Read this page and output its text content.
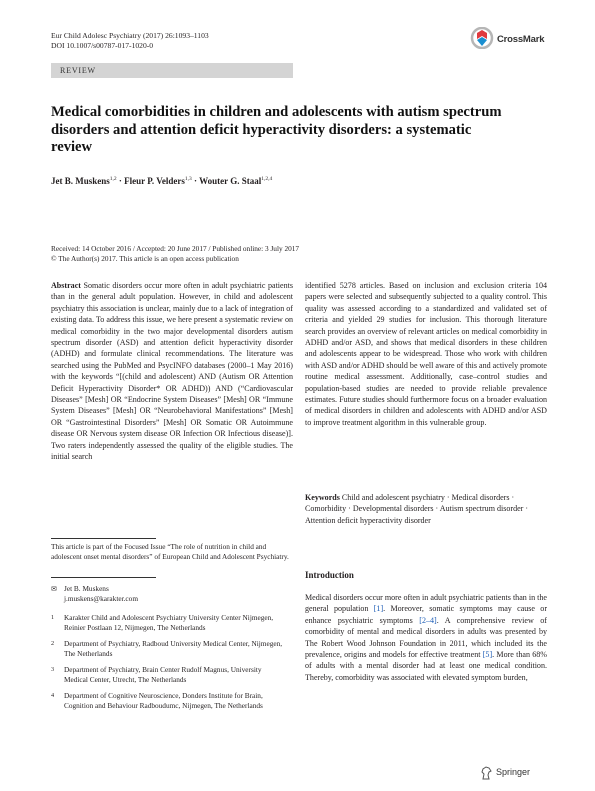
Eur Child Adolesc Psychiatry (2017) 26:1093–1103
DOI 10.1007/s00787-017-1020-0
CrossMark
REVIEW
Medical comorbidities in children and adolescents with autism spectrum disorders and attention deficit hyperactivity disorders: a systematic review
Jet B. Muskens$^{1,2}$ · Fleur P. Velders$^{1,3}$ · Wouter G. Staal$^{1,2,4}$
Received: 14 October 2016 / Accepted: 20 June 2017 / Published online: 3 July 2017
© The Author(s) 2017. This article is an open access publication
Abstract Somatic disorders occur more often in adult psychiatric patients than in the general adult population. However, in child and adolescent psychiatry this association is unclear, mainly due to a lack of integration of existing data. To address this issue, we here present a systematic review on medical comorbidity in the two major developmental disorders autism spectrum disorder (ASD) and attention deficit hyperactivity disorder (ADHD) and formulate clinical recommendations. The literature was searched using the PubMed and PsycINFO databases (2000–1 May 2016) with the keywords “[(child and adolescent) AND (Autism OR Attention Deficit Hyperactivity Disorder* OR ADHD)) AND (“Cardiovascular Diseases” [Mesh] OR “Endocrine System Diseases” [Mesh] OR “Immune System Diseases” [Mesh] OR “Neurobehavioral Manifestations” [Mesh] OR “Gastrointestinal Disorders” [Mesh] OR Somatic OR Autoimmune disease OR Nervous system disease OR Infection OR Infectious disease)]. Two raters independently assessed the quality of the eligible studies. The initial search
identified 5278 articles. Based on inclusion and exclusion criteria 104 papers were selected and subsequently subjected to a quality control. This quality was assessed according to a standardized and validated set of criteria and yielded 29 studies for inclusion. This thorough literature search provides an overview of relevant articles on medical comorbidity in ADHD and/or ASD, and shows that medical disorders in these children and adolescents appear to be widespread. Those who work with children with ASD and/or ADHD should be well aware of this and actively promote routine medical assessment. Additionally, case–control studies and population-based studies are needed to provide reliable prevalence estimates. Future studies should furthermore focus on a broader evaluation of medical disorders in children and adolescents with ADHD and/or ASD to improve treatment algorithm in this vulnerable group.
Keywords Child and adolescent psychiatry · Medical disorders · Comorbidity · Developmental disorders · Autism spectrum disorder · Attention deficit hyperactivity disorder
This article is part of the Focused Issue “The role of nutrition in child and adolescent onset mental disorders” of European Child and Adolescent Psychiatry.
✉ Jet B. Muskens
j.muskens@karakter.com
1 Karakter Child and Adolescent Psychiatry University Center Nijmegen, Reinier Postlaan 12, Nijmegen, The Netherlands
2 Department of Psychiatry, Radboud University Medical Center, Nijmegen, The Netherlands
3 Department of Psychiatry, Brain Center Rudolf Magnus, University Medical Center, Utrecht, The Netherlands
4 Department of Cognitive Neuroscience, Donders Institute for Brain, Cognition and Behaviour Radboudumc, Nijmegen, The Netherlands
Introduction
Medical disorders occur more often in adult psychiatric patients than in the general population [1]. Moreover, somatic symptoms may cause or enhance psychiatric symptoms [2–4]. A comprehensive review of comorbidity of mental and medical disorders in adults was presented by The Robert Wood Johnson Foundation in 2011, which included its the prevalence, origins and models for effective treatment [5]. More than 68% of adults with a mental disorder had at least one medical condition. Thereby, comorbidity was associated with elevated symptom burden,
Springer
